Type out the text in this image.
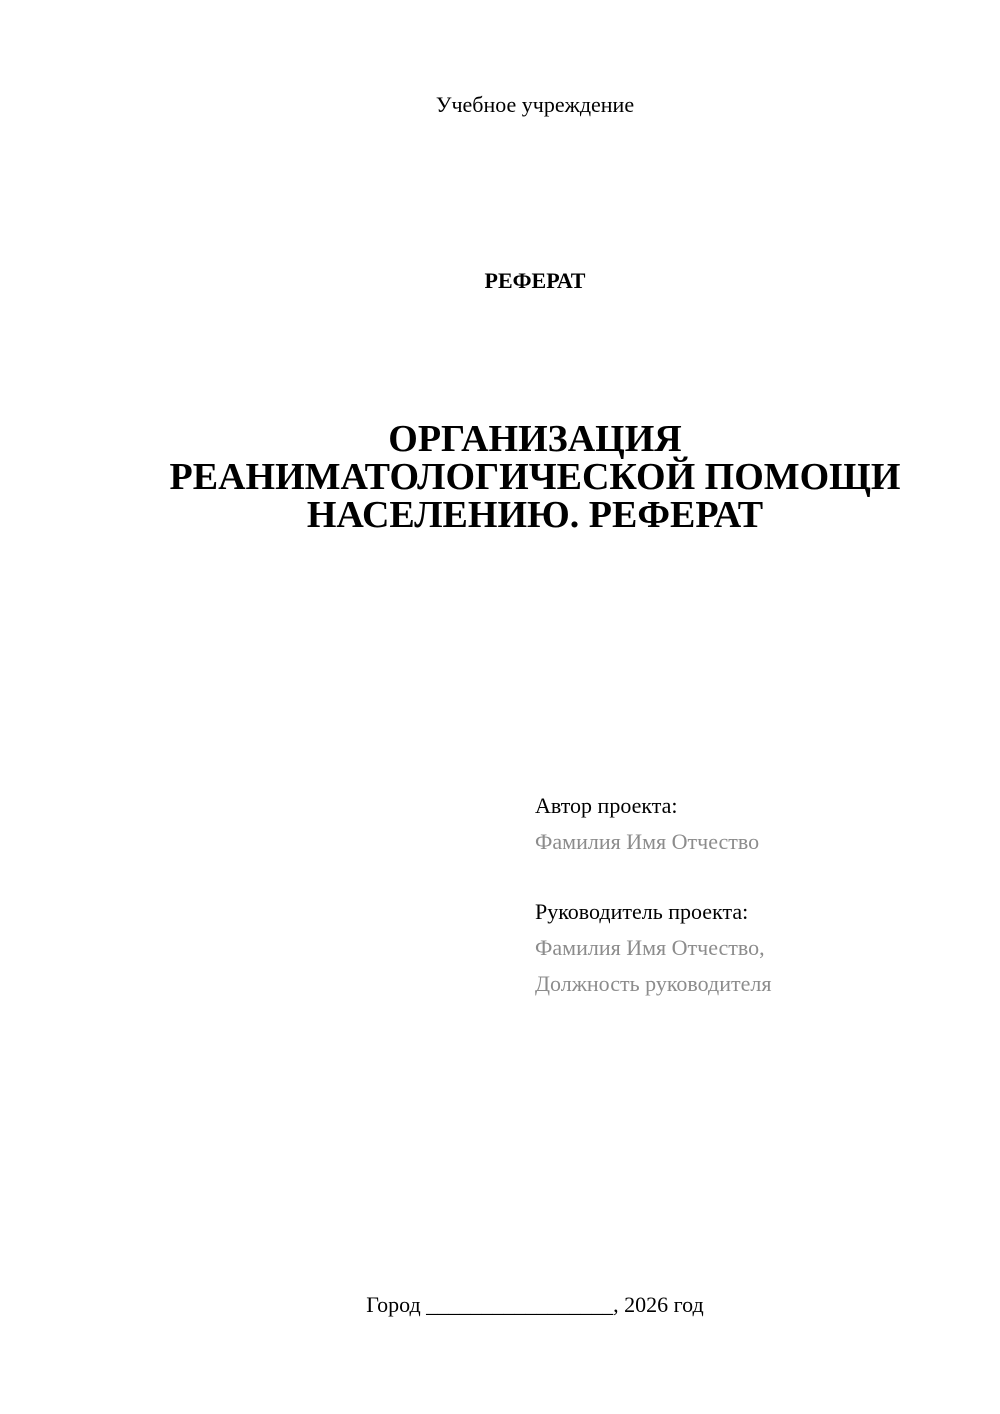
Учебное учреждение
РЕФЕРАТ
ОРГАНИЗАЦИЯ
РЕАНИМАТОЛОГИЧЕСКОЙ ПОМОЩИ
НАСЕЛЕНИЮ. РЕФЕРАТ
Автор проекта:
Фамилия Имя Отчество
Руководитель проекта:
Фамилия Имя Отчество,
Должность руководителя
Город _________________, 2026 год
